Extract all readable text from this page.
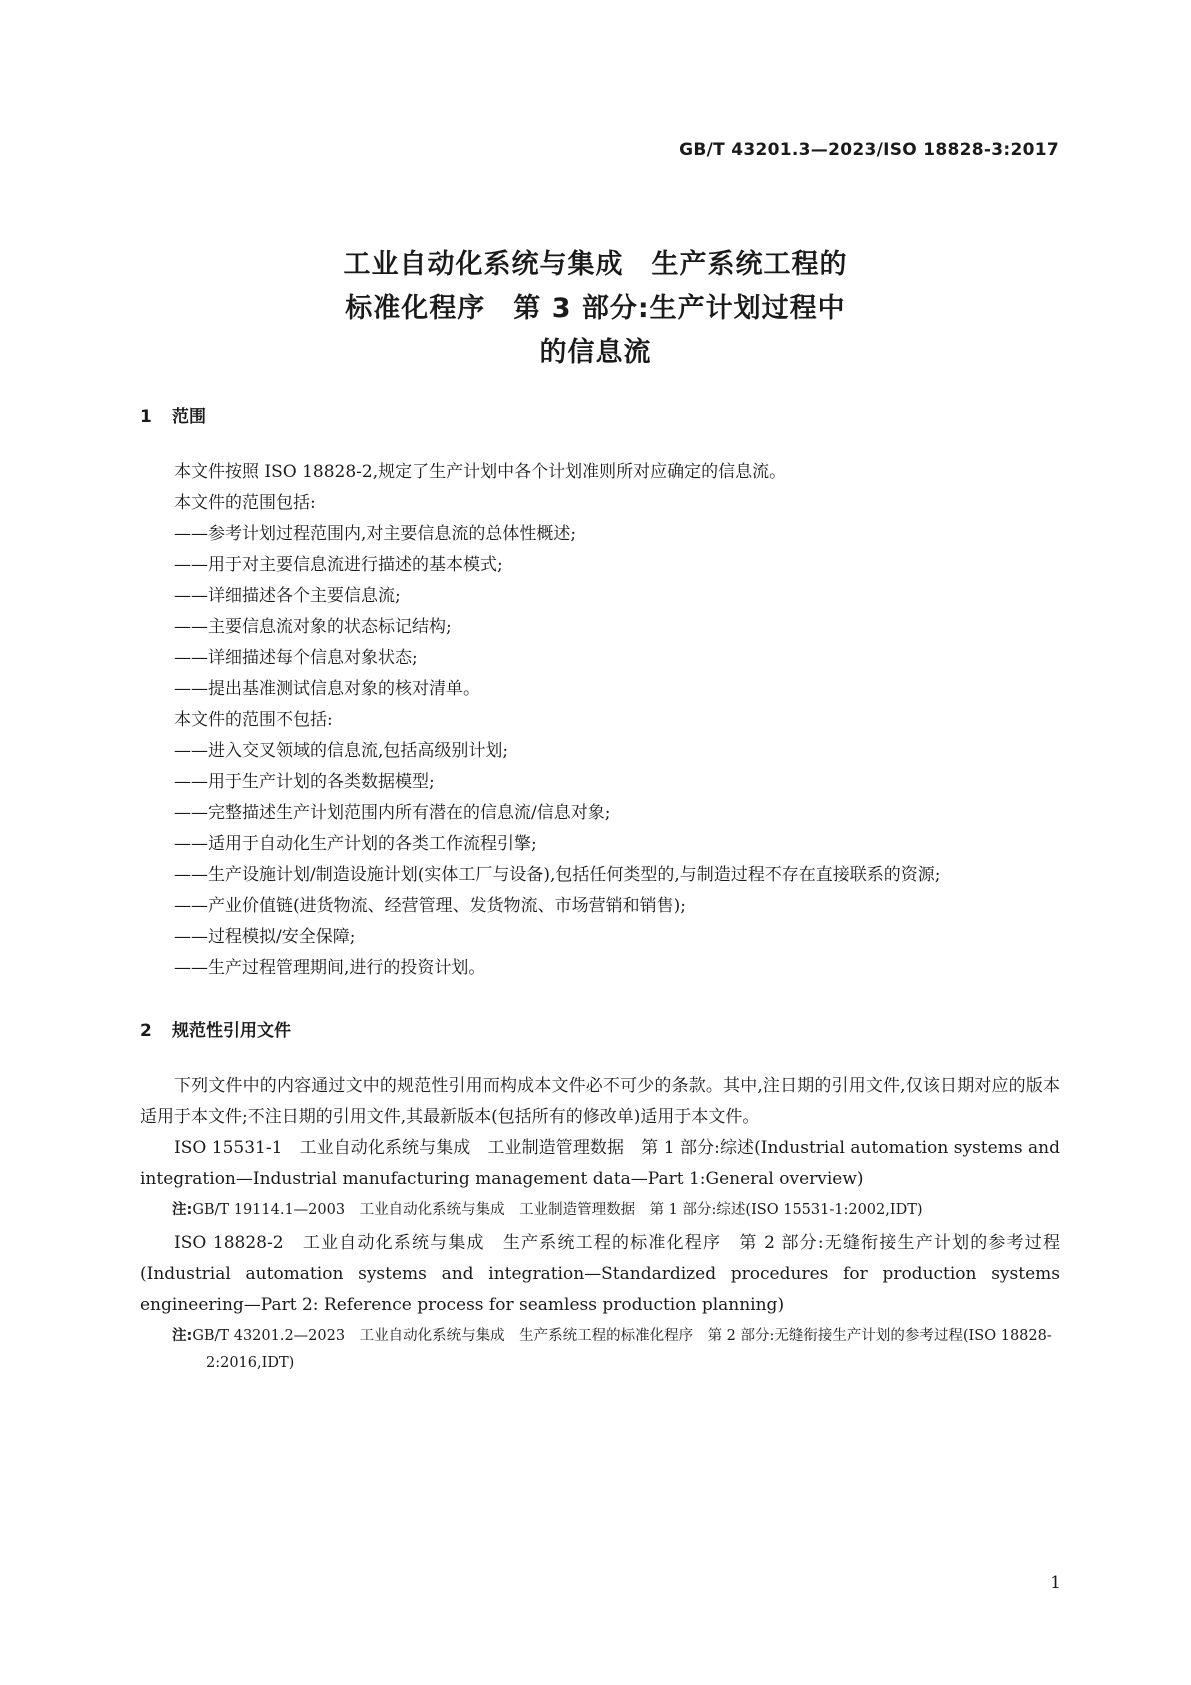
GB/T 43201.3—2023/ISO 18828-3:2017
工业自动化系统与集成　生产系统工程的
标准化程序　第 3 部分:生产计划过程中
的信息流
1 范围

本文件按照 ISO 18828-2,规定了生产计划中各个计划准则所对应确定的信息流。

本文件的范围包括:

——参考计划过程范围内,对主要信息流的总体性概述;

——用于对主要信息流进行描述的基本模式;

——详细描述各个主要信息流;

——主要信息流对象的状态标记结构;

——详细描述每个信息对象状态;

——提出基准测试信息对象的核对清单。

本文件的范围不包括:

——进入交叉领域的信息流,包括高级别计划;

——用于生产计划的各类数据模型;

——完整描述生产计划范围内所有潜在的信息流/信息对象;

——适用于自动化生产计划的各类工作流程引擎;

——生产设施计划/制造设施计划(实体工厂与设备),包括任何类型的,与制造过程不存在直接联系的资源;

——产业价值链(进货物流、经营管理、发货物流、市场营销和销售);

——过程模拟/安全保障;

——生产过程管理期间,进行的投资计划。

2 规范性引用文件

下列文件中的内容通过文中的规范性引用而构成本文件必不可少的条款。其中,注日期的引用文件,仅该日期对应的版本适用于本文件;不注日期的引用文件,其最新版本(包括所有的修改单)适用于本文件。

ISO 15531-1　工业自动化系统与集成　工业制造管理数据　第 1 部分:综述(Industrial automation systems and integration—Industrial manufacturing management data—Part 1:General overview)

注:GB/T 19114.1—2003　工业自动化系统与集成　工业制造管理数据　第 1 部分:综述(ISO 15531-1:2002,IDT)

ISO 18828-2　工业自动化系统与集成　生产系统工程的标准化程序　第 2 部分:无缝衔接生产计划的参考过程(Industrial automation systems and integration—Standardized procedures for production systems engineering—Part 2: Reference process for seamless production planning)

注:GB/T 43201.2—2023　工业自动化系统与集成　生产系统工程的标准化程序　第 2 部分:无缝衔接生产计划的参考过程(ISO 18828-2:2016,IDT)

1
